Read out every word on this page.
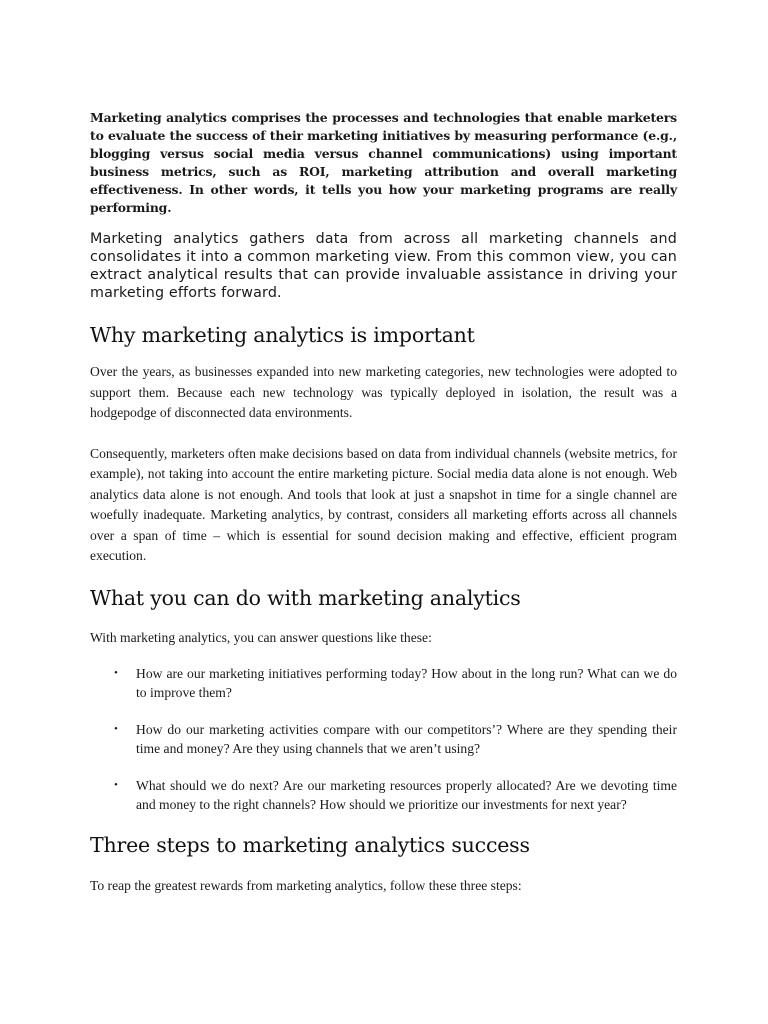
Marketing analytics comprises the processes and technologies that enable marketers to evaluate the success of their marketing initiatives by measuring performance (e.g., blogging versus social media versus channel communications) using important business metrics, such as ROI, marketing attribution and overall marketing effectiveness. In other words, it tells you how your marketing programs are really performing.

Marketing analytics gathers data from across all marketing channels and consolidates it into a common marketing view. From this common view, you can extract analytical results that can provide invaluable assistance in driving your marketing efforts forward.

Why marketing analytics is important

Over the years, as businesses expanded into new marketing categories, new technologies were adopted to support them. Because each new technology was typically deployed in isolation, the result was a hodgepodge of disconnected data environments.

Consequently, marketers often make decisions based on data from individual channels (website metrics, for example), not taking into account the entire marketing picture. Social media data alone is not enough. Web analytics data alone is not enough. And tools that look at just a snapshot in time for a single channel are woefully inadequate. Marketing analytics, by contrast, considers all marketing efforts across all channels over a span of time – which is essential for sound decision making and effective, efficient program execution.

What you can do with marketing analytics

With marketing analytics, you can answer questions like these:

• How are our marketing initiatives performing today? How about in the long run? What can we do to improve them?
• How do our marketing activities compare with our competitors’? Where are they spending their time and money? Are they using channels that we aren’t using?
• What should we do next? Are our marketing resources properly allocated? Are we devoting time and money to the right channels? How should we prioritize our investments for next year?
Three steps to marketing analytics success

To reap the greatest rewards from marketing analytics, follow these three steps:
